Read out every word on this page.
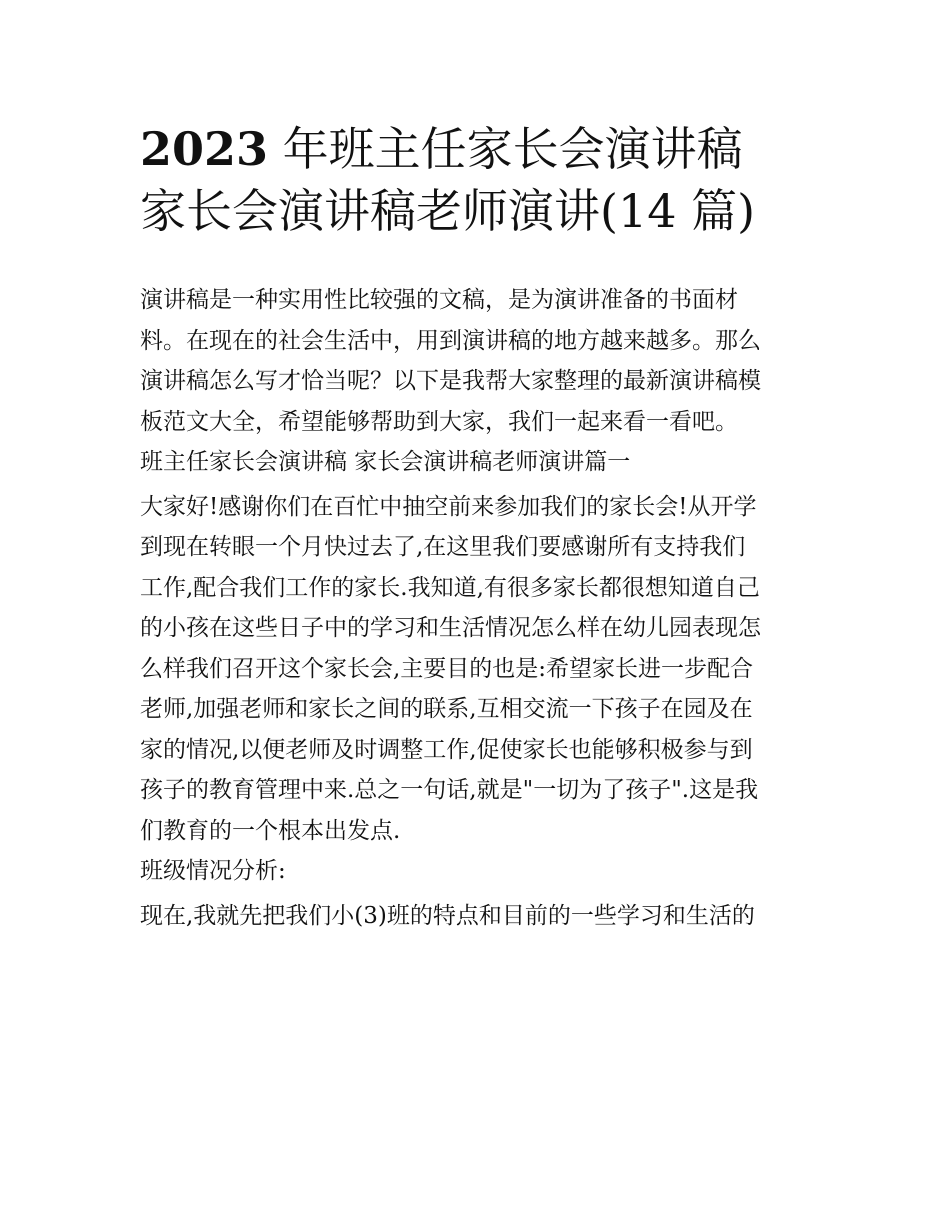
2023 年班主任家长会演讲稿
家长会演讲稿老师演讲(14 篇)
演讲稿是一种实用性比较强的文稿，是为演讲准备的书面材
料。在现在的社会生活中，用到演讲稿的地方越来越多。那么
演讲稿怎么写才恰当呢？以下是我帮大家整理的最新演讲稿模
板范文大全，希望能够帮助到大家，我们一起来看一看吧。
班主任家长会演讲稿 家长会演讲稿老师演讲篇一
大家好!感谢你们在百忙中抽空前来参加我们的家长会!从开学
到现在转眼一个月快过去了,在这里我们要感谢所有支持我们
工作,配合我们工作的家长.我知道,有很多家长都很想知道自己
的小孩在这些日子中的学习和生活情况怎么样在幼儿园表现怎
么样我们召开这个家长会,主要目的也是:希望家长进一步配合
老师,加强老师和家长之间的联系,互相交流一下孩子在园及在
家的情况,以便老师及时调整工作,促使家长也能够积极参与到
孩子的教育管理中来.总之一句话,就是"一切为了孩子".这是我
们教育的一个根本出发点.
班级情况分析:
现在,我就先把我们小(3)班的特点和目前的一些学习和生活的
